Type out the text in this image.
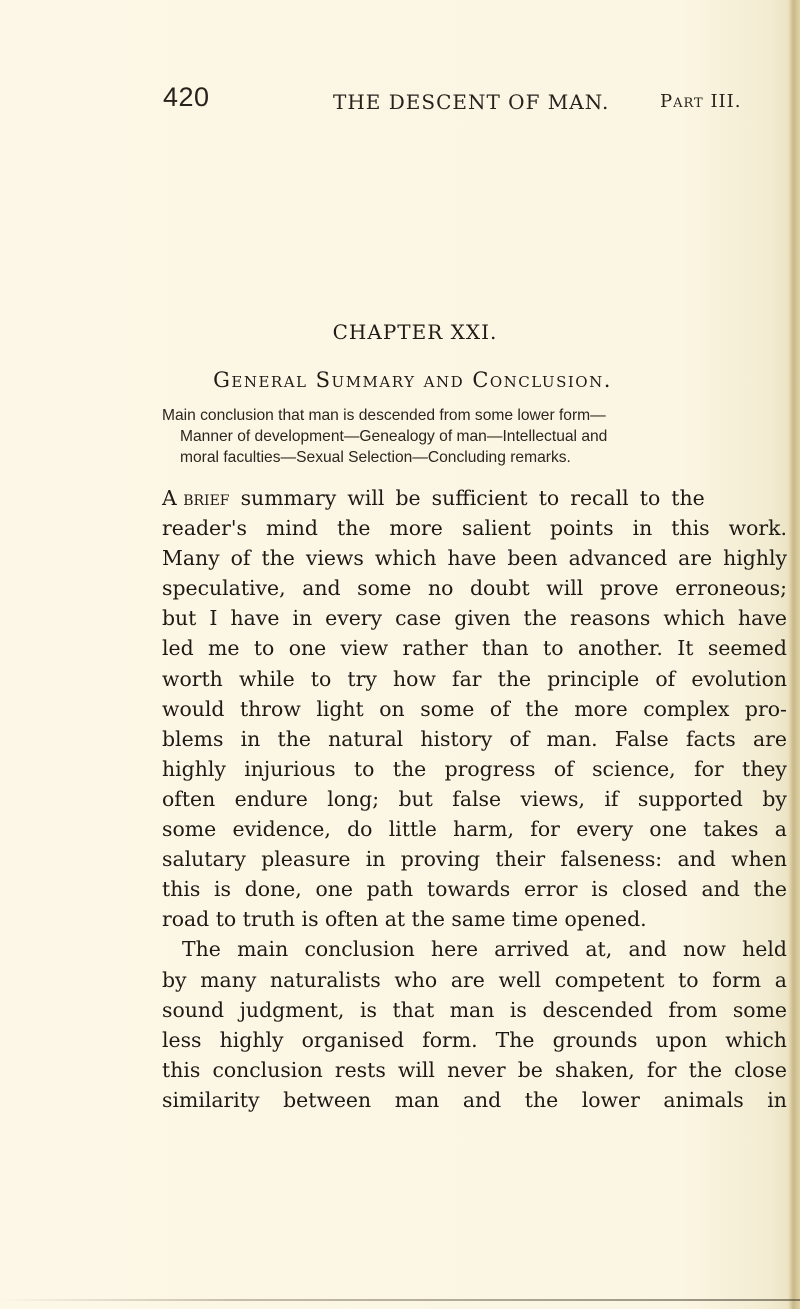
420	THE DESCENT OF MAN.	Part III.
CHAPTER XXI.
General Summary and Conclusion.
Main conclusion that man is descended from some lower form—
Manner of development—Genealogy of man—Intellectual and
moral faculties—Sexual Selection—Concluding remarks.
A brief summary will be sufficient to recall to the
reader's mind the more salient points in this work.
Many of the views which have been advanced are highly
speculative, and some no doubt will prove erroneous;
but I have in every case given the reasons which have
led me to one view rather than to another. It seemed
worth while to try how far the principle of evolution
would throw light on some of the more complex pro-
blems in the natural history of man. False facts are
highly injurious to the progress of science, for they
often endure long; but false views, if supported by
some evidence, do little harm, for every one takes a
salutary pleasure in proving their falseness: and when
this is done, one path towards error is closed and the
road to truth is often at the same time opened.
The main conclusion here arrived at, and now held
by many naturalists who are well competent to form a
sound judgment, is that man is descended from some
less highly organised form. The grounds upon which
this conclusion rests will never be shaken, for the close
similarity between man and the lower animals in
